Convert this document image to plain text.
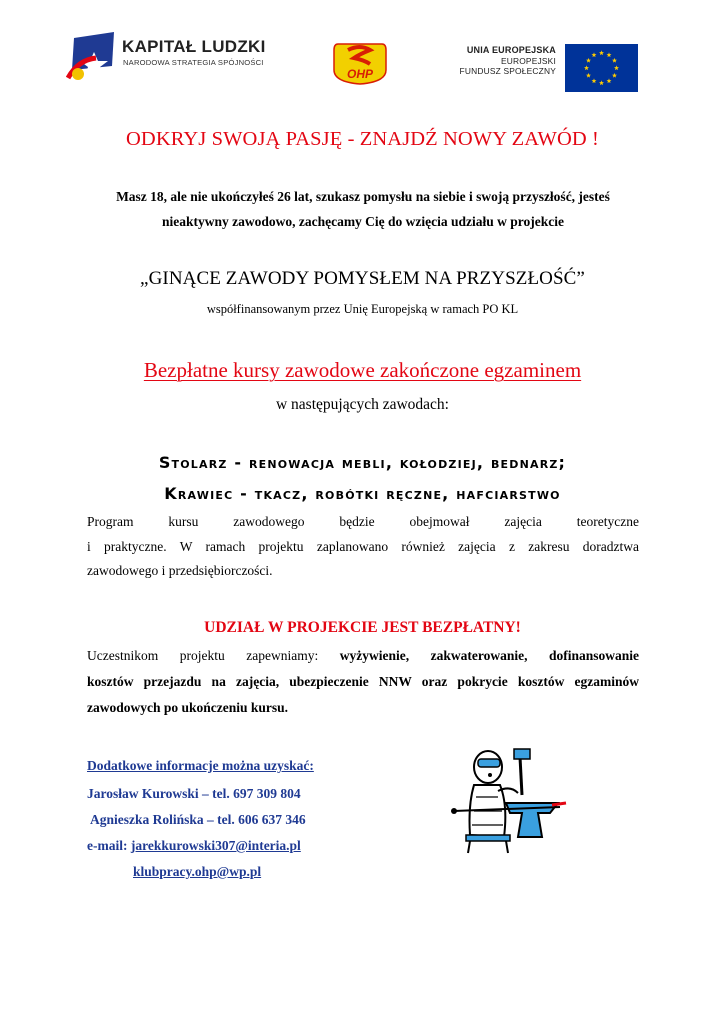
KAPITAŁ LUDZKI
NARODOWA STRATEGIA SPÓJNOŚCI
OHP
UNIA EUROPEJSKA
EUROPEJSKI
FUNDUSZ SPOŁECZNY
ODKRYJ SWOJĄ PASJĘ - ZNAJDŹ NOWY ZAWÓD !
Masz 18, ale nie ukończyłeś 26 lat, szukasz pomysłu na siebie i swoją przyszłość, jesteś
nieaktywny zawodowo, zachęcamy Cię do wzięcia udziału w projekcie
„GINĄCE ZAWODY POMYSŁEM NA PRZYSZŁOŚĆ”
współfinansowanym przez Unię Europejską w ramach PO KL
Bezpłatne kursy zawodowe zakończone egzaminem
w następujących zawodach:
Stolarz - renowacja mebli, kołodziej, bednarz;
Krawiec - tkacz, robótki ręczne, hafciarstwo
Program kursu zawodowego będzie obejmował zajęcia teoretyczne
i praktyczne. W ramach projektu zaplanowano również zajęcia z zakresu doradztwa
zawodowego i przedsiębiorczości.
UDZIAŁ W PROJEKCIE JEST BEZPŁATNY!
Uczestnikom projektu zapewniamy: wyżywienie, zakwaterowanie, dofinansowanie
kosztów przejazdu na zajęcia, ubezpieczenie NNW oraz pokrycie kosztów egzaminów
zawodowych po ukończeniu kursu.
Dodatkowe informacje można uzyskać:
Jarosław Kurowski – tel. 697 309 804
Agnieszka Rolińska – tel. 606 637 346
e-mail: jarekkurowski307@interia.pl
klubpracy.ohp@wp.pl
